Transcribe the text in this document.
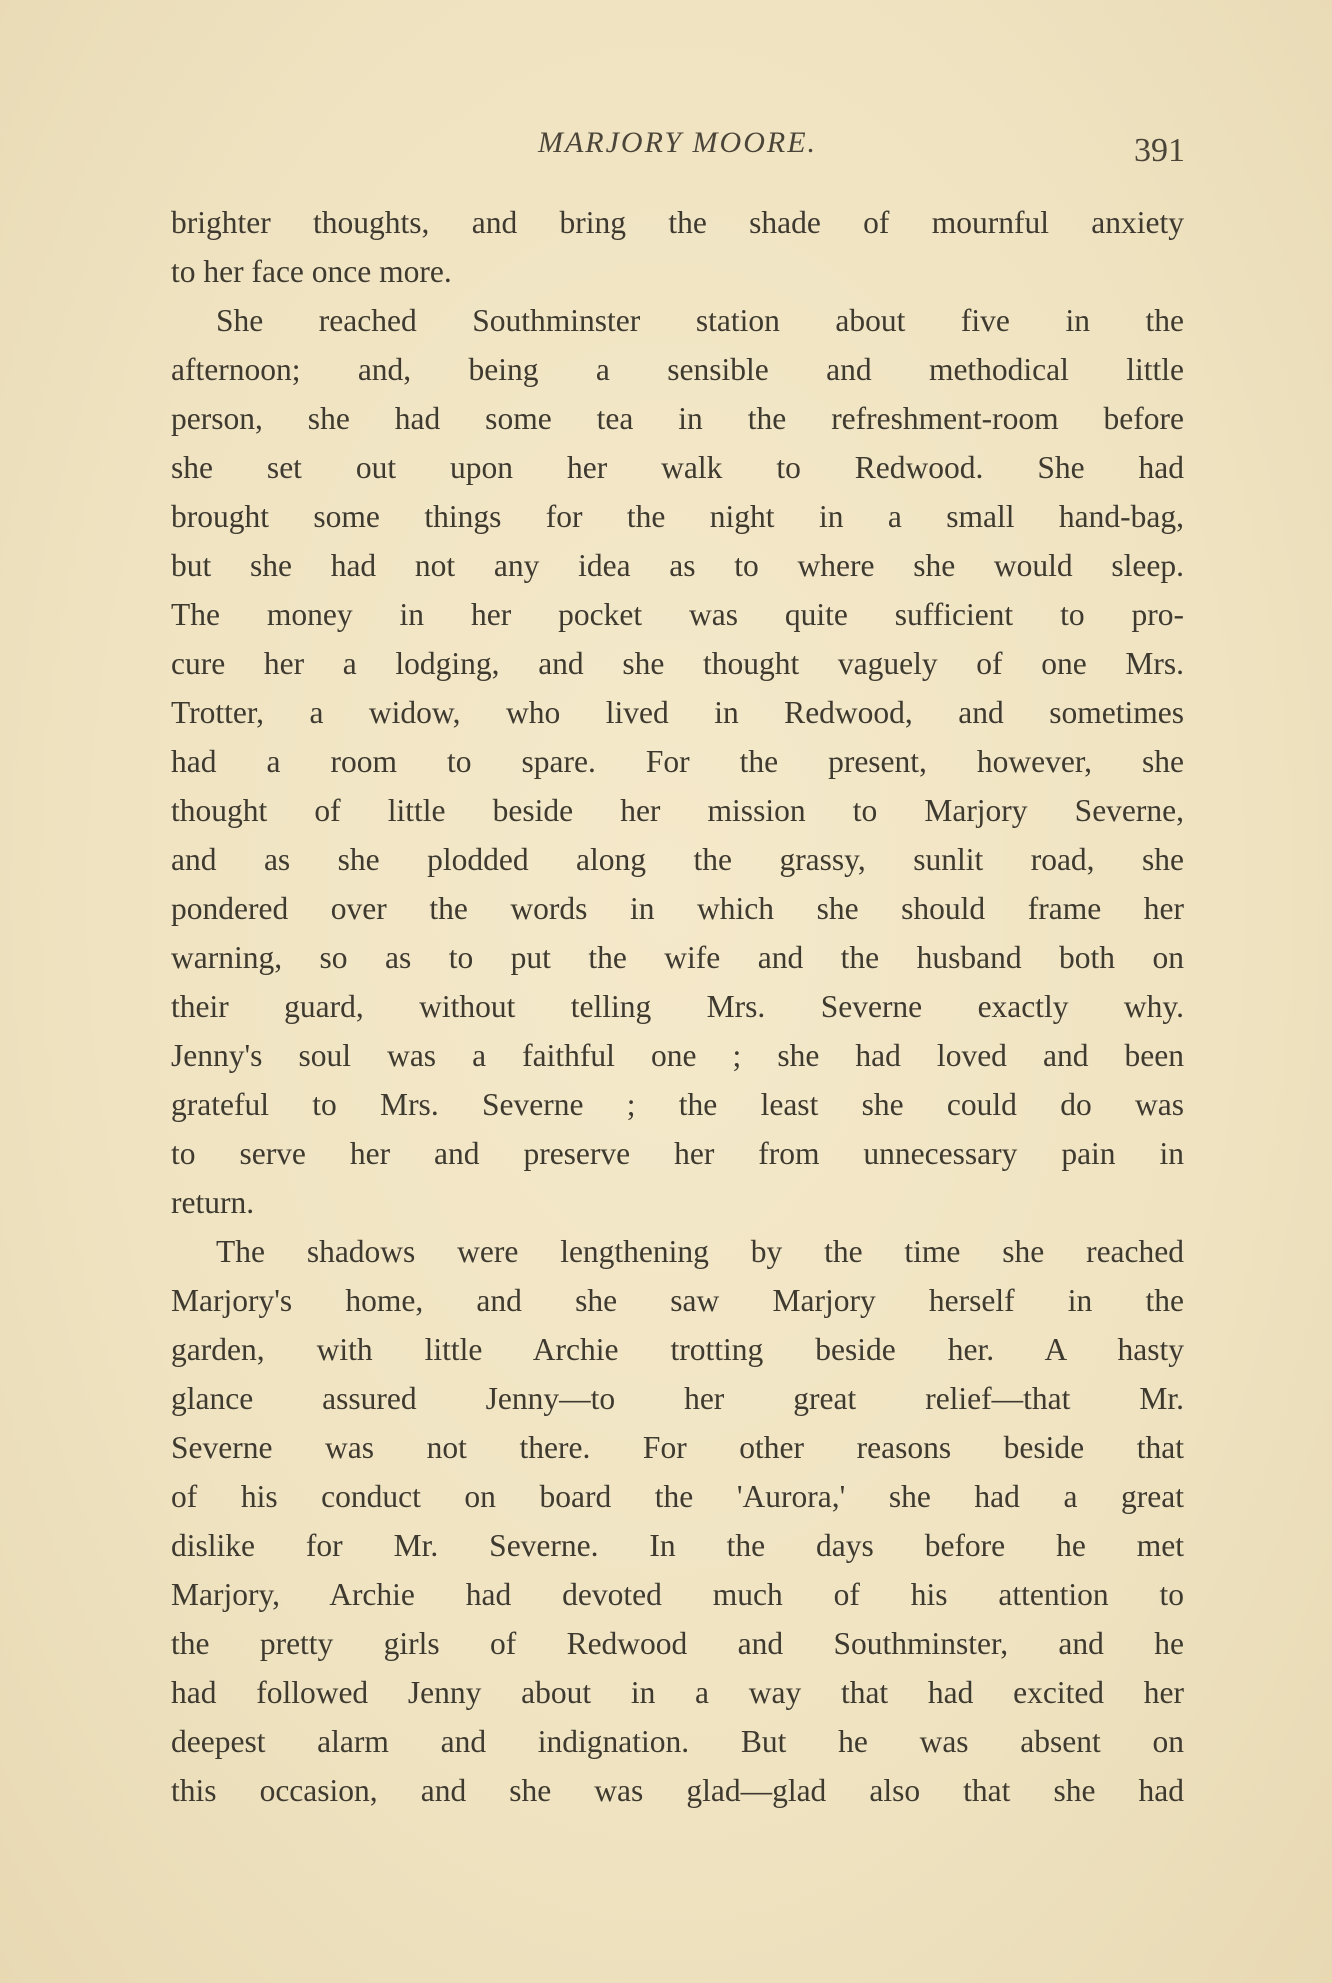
MARJORY MOORE.	391
brighter thoughts, and bring the shade of mournful anxiety
to her face once more.
She reached Southminster station about five in the
afternoon; and, being a sensible and methodical little
person, she had some tea in the refreshment-room before
she set out upon her walk to Redwood. She had
brought some things for the night in a small hand-bag,
but she had not any idea as to where she would sleep.
The money in her pocket was quite sufficient to pro-
cure her a lodging, and she thought vaguely of one Mrs.
Trotter, a widow, who lived in Redwood, and sometimes
had a room to spare. For the present, however, she
thought of little beside her mission to Marjory Severne,
and as she plodded along the grassy, sunlit road, she
pondered over the words in which she should frame her
warning, so as to put the wife and the husband both on
their guard, without telling Mrs. Severne exactly why.
Jenny's soul was a faithful one ; she had loved and been
grateful to Mrs. Severne ; the least she could do was
to serve her and preserve her from unnecessary pain in
return.
The shadows were lengthening by the time she reached
Marjory's home, and she saw Marjory herself in the
garden, with little Archie trotting beside her. A hasty
glance assured Jenny—to her great relief—that Mr.
Severne was not there. For other reasons beside that
of his conduct on board the 'Aurora,' she had a great
dislike for Mr. Severne. In the days before he met
Marjory, Archie had devoted much of his attention to
the pretty girls of Redwood and Southminster, and he
had followed Jenny about in a way that had excited her
deepest alarm and indignation. But he was absent on
this occasion, and she was glad—glad also that she had
